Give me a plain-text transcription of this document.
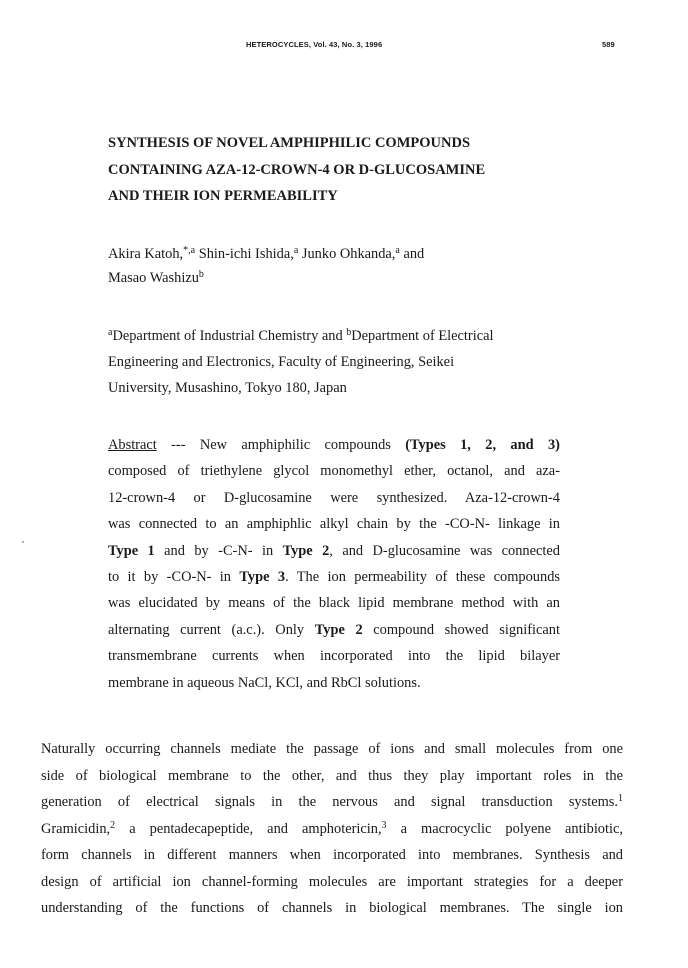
HETEROCYCLES, Vol. 43, No. 3, 1996	589
SYNTHESIS OF NOVEL AMPHIPHILIC COMPOUNDS
CONTAINING AZA-12-CROWN-4 OR D-GLUCOSAMINE
AND THEIR ION PERMEABILITY
Akira Katoh,$^{*,a}$ Shin-ichi Ishida,$^a$ Junko Ohkanda,$^a$ and
Masao Washizu$^b$
$^a$Department of Industrial Chemistry and $^b$Department of Electrical
Engineering and Electronics, Faculty of Engineering, Seikei
University, Musashino, Tokyo 180, Japan
Abstract --- New amphiphilic compounds (Types 1, 2, and 3)
composed of triethylene glycol monomethyl ether, octanol, and aza-
12-crown-4 or D-glucosamine were synthesized. Aza-12-crown-4
was connected to an amphiphlic alkyl chain by the -CO-N- linkage in
Type 1 and by -C-N- in Type 2, and D-glucosamine was connected
to it by -CO-N- in Type 3. The ion permeability of these compounds
was elucidated by means of the black lipid membrane method with an
alternating current (a.c.). Only Type 2 compound showed significant
transmembrane currents when incorporated into the lipid bilayer
membrane in aqueous NaCl, KCl, and RbCl solutions.
Naturally occurring channels mediate the passage of ions and small molecules from one
side of biological membrane to the other, and thus they play important roles in the
generation of electrical signals in the nervous and signal transduction systems.$^1$
Gramicidin,$^2$ a pentadecapeptide, and amphotericin,$^3$ a macrocyclic polyene antibiotic,
form channels in different manners when incorporated into membranes. Synthesis and
design of artificial ion channel-forming molecules are important strategies for a deeper
understanding of the functions of channels in biological membranes. The single ion
